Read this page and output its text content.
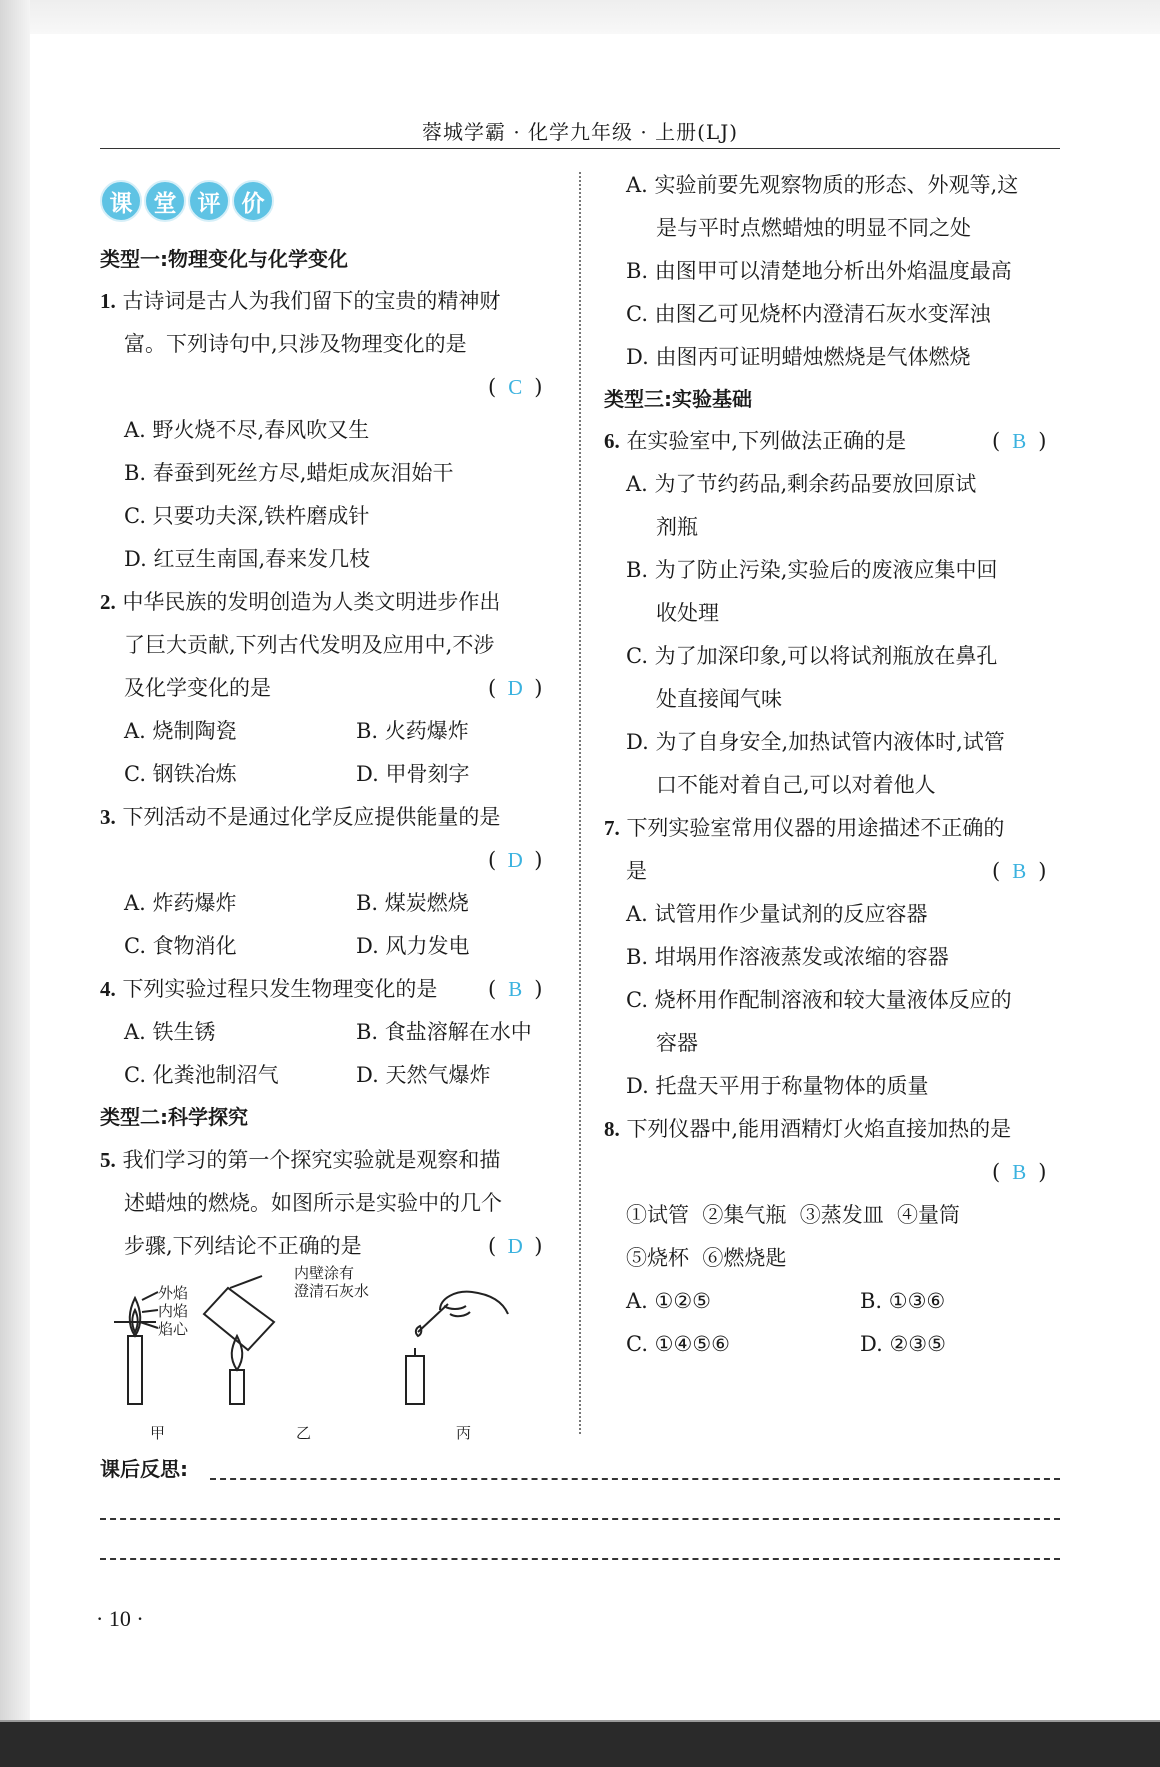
蓉城学霸 · 化学九年级 · 上册(LJ)
课 堂 评 价
类型一:物理变化与化学变化
1. 古诗词是古人为我们留下的宝贵的精神财
富。下列诗句中,只涉及物理变化的是
( C )
A. 野火烧不尽,春风吹又生
B. 春蚕到死丝方尽,蜡炬成灰泪始干
C. 只要功夫深,铁杵磨成针
D. 红豆生南国,春来发几枝
2. 中华民族的发明创造为人类文明进步作出
了巨大贡献,下列古代发明及应用中,不涉
及化学变化的是	( D )
A. 烧制陶瓷	B. 火药爆炸
C. 钢铁冶炼	D. 甲骨刻字
3. 下列活动不是通过化学反应提供能量的是
( D )
A. 炸药爆炸	B. 煤炭燃烧
C. 食物消化	D. 风力发电
4. 下列实验过程只发生物理变化的是 ( B )
A. 铁生锈	B. 食盐溶解在水中
C. 化粪池制沼气	D. 天然气爆炸
类型二:科学探究
5. 我们学习的第一个探究实验就是观察和描
述蜡烛的燃烧。如图所示是实验中的几个
步骤,下列结论不正确的是	( D )
外焰
内焰
焰心
内壁涂有
澄清石灰水
甲	乙	丙
A. 实验前要先观察物质的形态、外观等,这
是与平时点燃蜡烛的明显不同之处
B. 由图甲可以清楚地分析出外焰温度最高
C. 由图乙可见烧杯内澄清石灰水变浑浊
D. 由图丙可证明蜡烛燃烧是气体燃烧
类型三:实验基础
6. 在实验室中,下列做法正确的是	( B )
A. 为了节约药品,剩余药品要放回原试
剂瓶
B. 为了防止污染,实验后的废液应集中回
收处理
C. 为了加深印象,可以将试剂瓶放在鼻孔
处直接闻气味
D. 为了自身安全,加热试管内液体时,试管
口不能对着自己,可以对着他人
7. 下列实验室常用仪器的用途描述不正确的
是	( B )
A. 试管用作少量试剂的反应容器
B. 坩埚用作溶液蒸发或浓缩的容器
C. 烧杯用作配制溶液和较大量液体反应的
容器
D. 托盘天平用于称量物体的质量
8. 下列仪器中,能用酒精灯火焰直接加热的是
( B )
①试管  ②集气瓶  ③蒸发皿  ④量筒
⑤烧杯  ⑥燃烧匙
A. ①②⑤	B. ①③⑥
C. ①④⑤⑥	D. ②③⑤
课后反思:
· 10 ·
